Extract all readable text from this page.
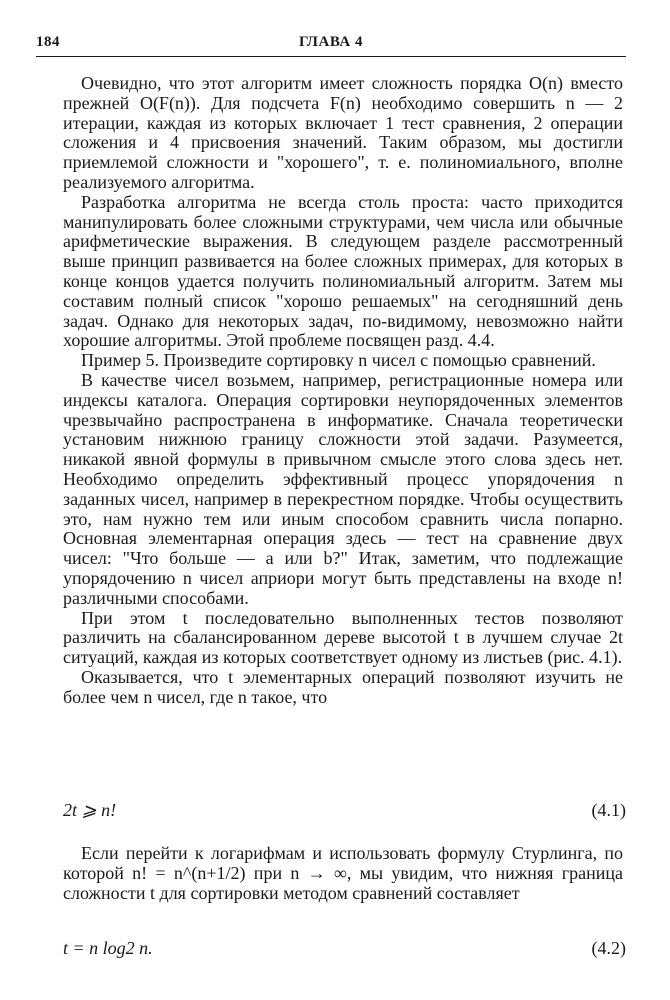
184	ГЛАВА 4

Очевидно, что этот алгоритм имеет сложность порядка O(n) вместо прежней O(F(n)). Для подсчета F(n) необходимо совершить n — 2 итерации, каждая из которых включает 1 тест сравнения, 2 операции сложения и 4 присвоения значений. Таким образом, мы достигли приемлемой сложности и "хорошего", т. е. полиномиального, вполне реализуемого алгоритма.

Разработка алгоритма не всегда столь проста: часто приходится манипулировать более сложными структурами, чем числа или обычные арифметические выражения. В следующем разделе рассмотренный выше принцип развивается на более сложных примерах, для которых в конце концов удается получить полиномиальный алгоритм. Затем мы составим полный список "хорошо решаемых" на сегодняшний день задач. Однако для некоторых задач, по-видимому, невозможно найти хорошие алгоритмы. Этой проблеме посвящен разд. 4.4.

Пример 5. Произведите сортировку n чисел с помощью сравнений.

В качестве чисел возьмем, например, регистрационные номера или индексы каталога. Операция сортировки неупорядоченных элементов чрезвычайно распространена в информатике. Сначала теоретически установим нижнюю границу сложности этой задачи. Разумеется, никакой явной формулы в привычном смысле этого слова здесь нет. Необходимо определить эффективный процесс упорядочения n заданных чисел, например в перекрестном порядке. Чтобы осуществить это, нам нужно тем или иным способом сравнить числа попарно. Основная элементарная операция здесь — тест на сравнение двух чисел: "Что больше — a или b?" Итак, заметим, что подлежащие упорядочению n чисел априори могут быть представлены на входе n! различными способами.

При этом t последовательно выполненных тестов позволяют различить на сбалансированном дереве высотой t в лучшем случае 2t ситуаций, каждая из которых соответствует одному из листьев (рис. 4.1).

Оказывается, что t элементарных операций позволяют изучить не более чем n чисел, где n такое, что

2t ⩾ n!	(4.1)

Если перейти к логарифмам и использовать формулу Стурлинга, по которой n! = n^(n+1/2) при n → ∞, мы увидим, что нижняя граница сложности t для сортировки методом сравнений составляет

t = n log2 n.	(4.2)
